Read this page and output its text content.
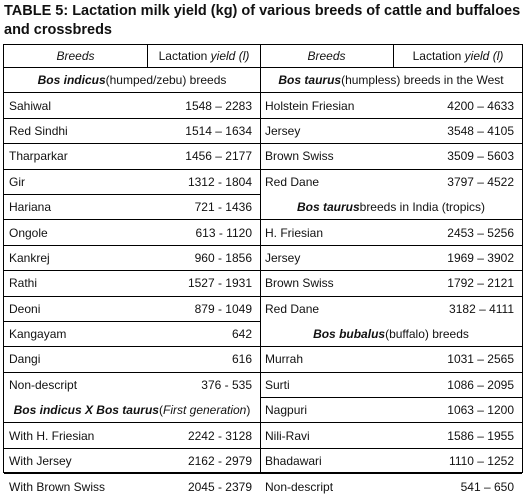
TABLE 5: Lactation milk yield (kg) of various breeds of cattle and buffaloes and crossbreds
Breeds	Lactation yield (l)
Bos indicus (humped/zebu) breeds
Sahiwal	1548 – 2283
Red Sindhi	1514 – 1634
Tharparkar	1456 – 2177
Gir	1312 - 1804
Hariana	721 - 1436
Ongole	613 - 1120
Kankrej	960 - 1856
Rathi	1527 - 1931
Deoni	879 - 1049
Kangayam	642
Dangi	616
Non-descript	376 - 535
Bos indicus X Bos taurus ( First generation )
With H. Friesian	2242 - 3128
With Jersey	2162 - 2979
With Brown Swiss	2045 - 2379
Breeds	Lactation yield (l)
Bos taurus (humpless) breeds in the West
Holstein Friesian	4200 – 4633
Jersey	3548 – 4105
Brown Swiss	3509 – 5603
Red Dane	3797 – 4522
Bos taurus breeds in India (tropics)
H. Friesian	2453 – 5256
Jersey	1969 – 3902
Brown Swiss	1792 – 2121
Red Dane	3182 – 4111
Bos bubalus (buffalo) breeds
Murrah	1031 – 2565
Surti	1086 – 2095
Nagpuri	1063 – 1200
Nili-Ravi	1586 – 1955
Bhadawari	1110 – 1252
Non-descript	541 – 650
